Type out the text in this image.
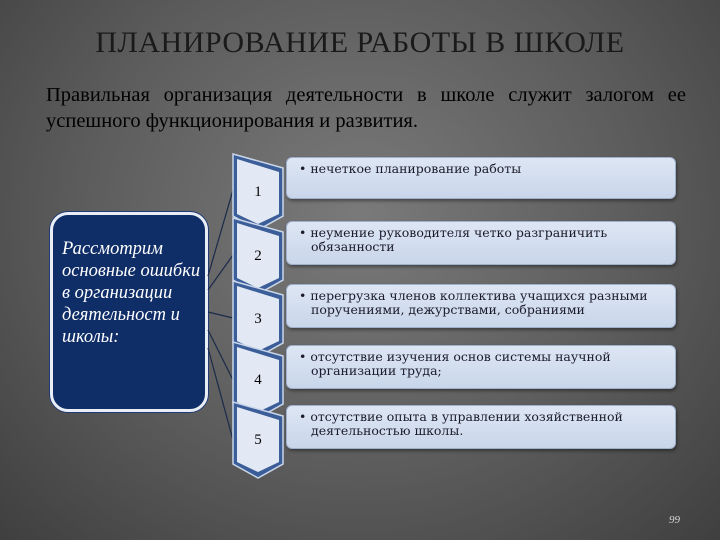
ПЛАНИРОВАНИЕ РАБОТЫ В ШКОЛЕ
Правильная организация деятельности в школе служит залогом ее успешного функционирования и развития.
Рассмотрим основные ошибки в организации деятельност и школы:
1
• нечеткое планирование работы
2
• неумение руководителя четко разграничить обязанности
3
• перегрузка членов коллектива учащихся разными поручениями, дежурствами, собраниями
4
• отсутствие изучения основ системы научной организации труда;
5
• отсутствие опыта в управлении хозяйственной деятельностью школы.
99
